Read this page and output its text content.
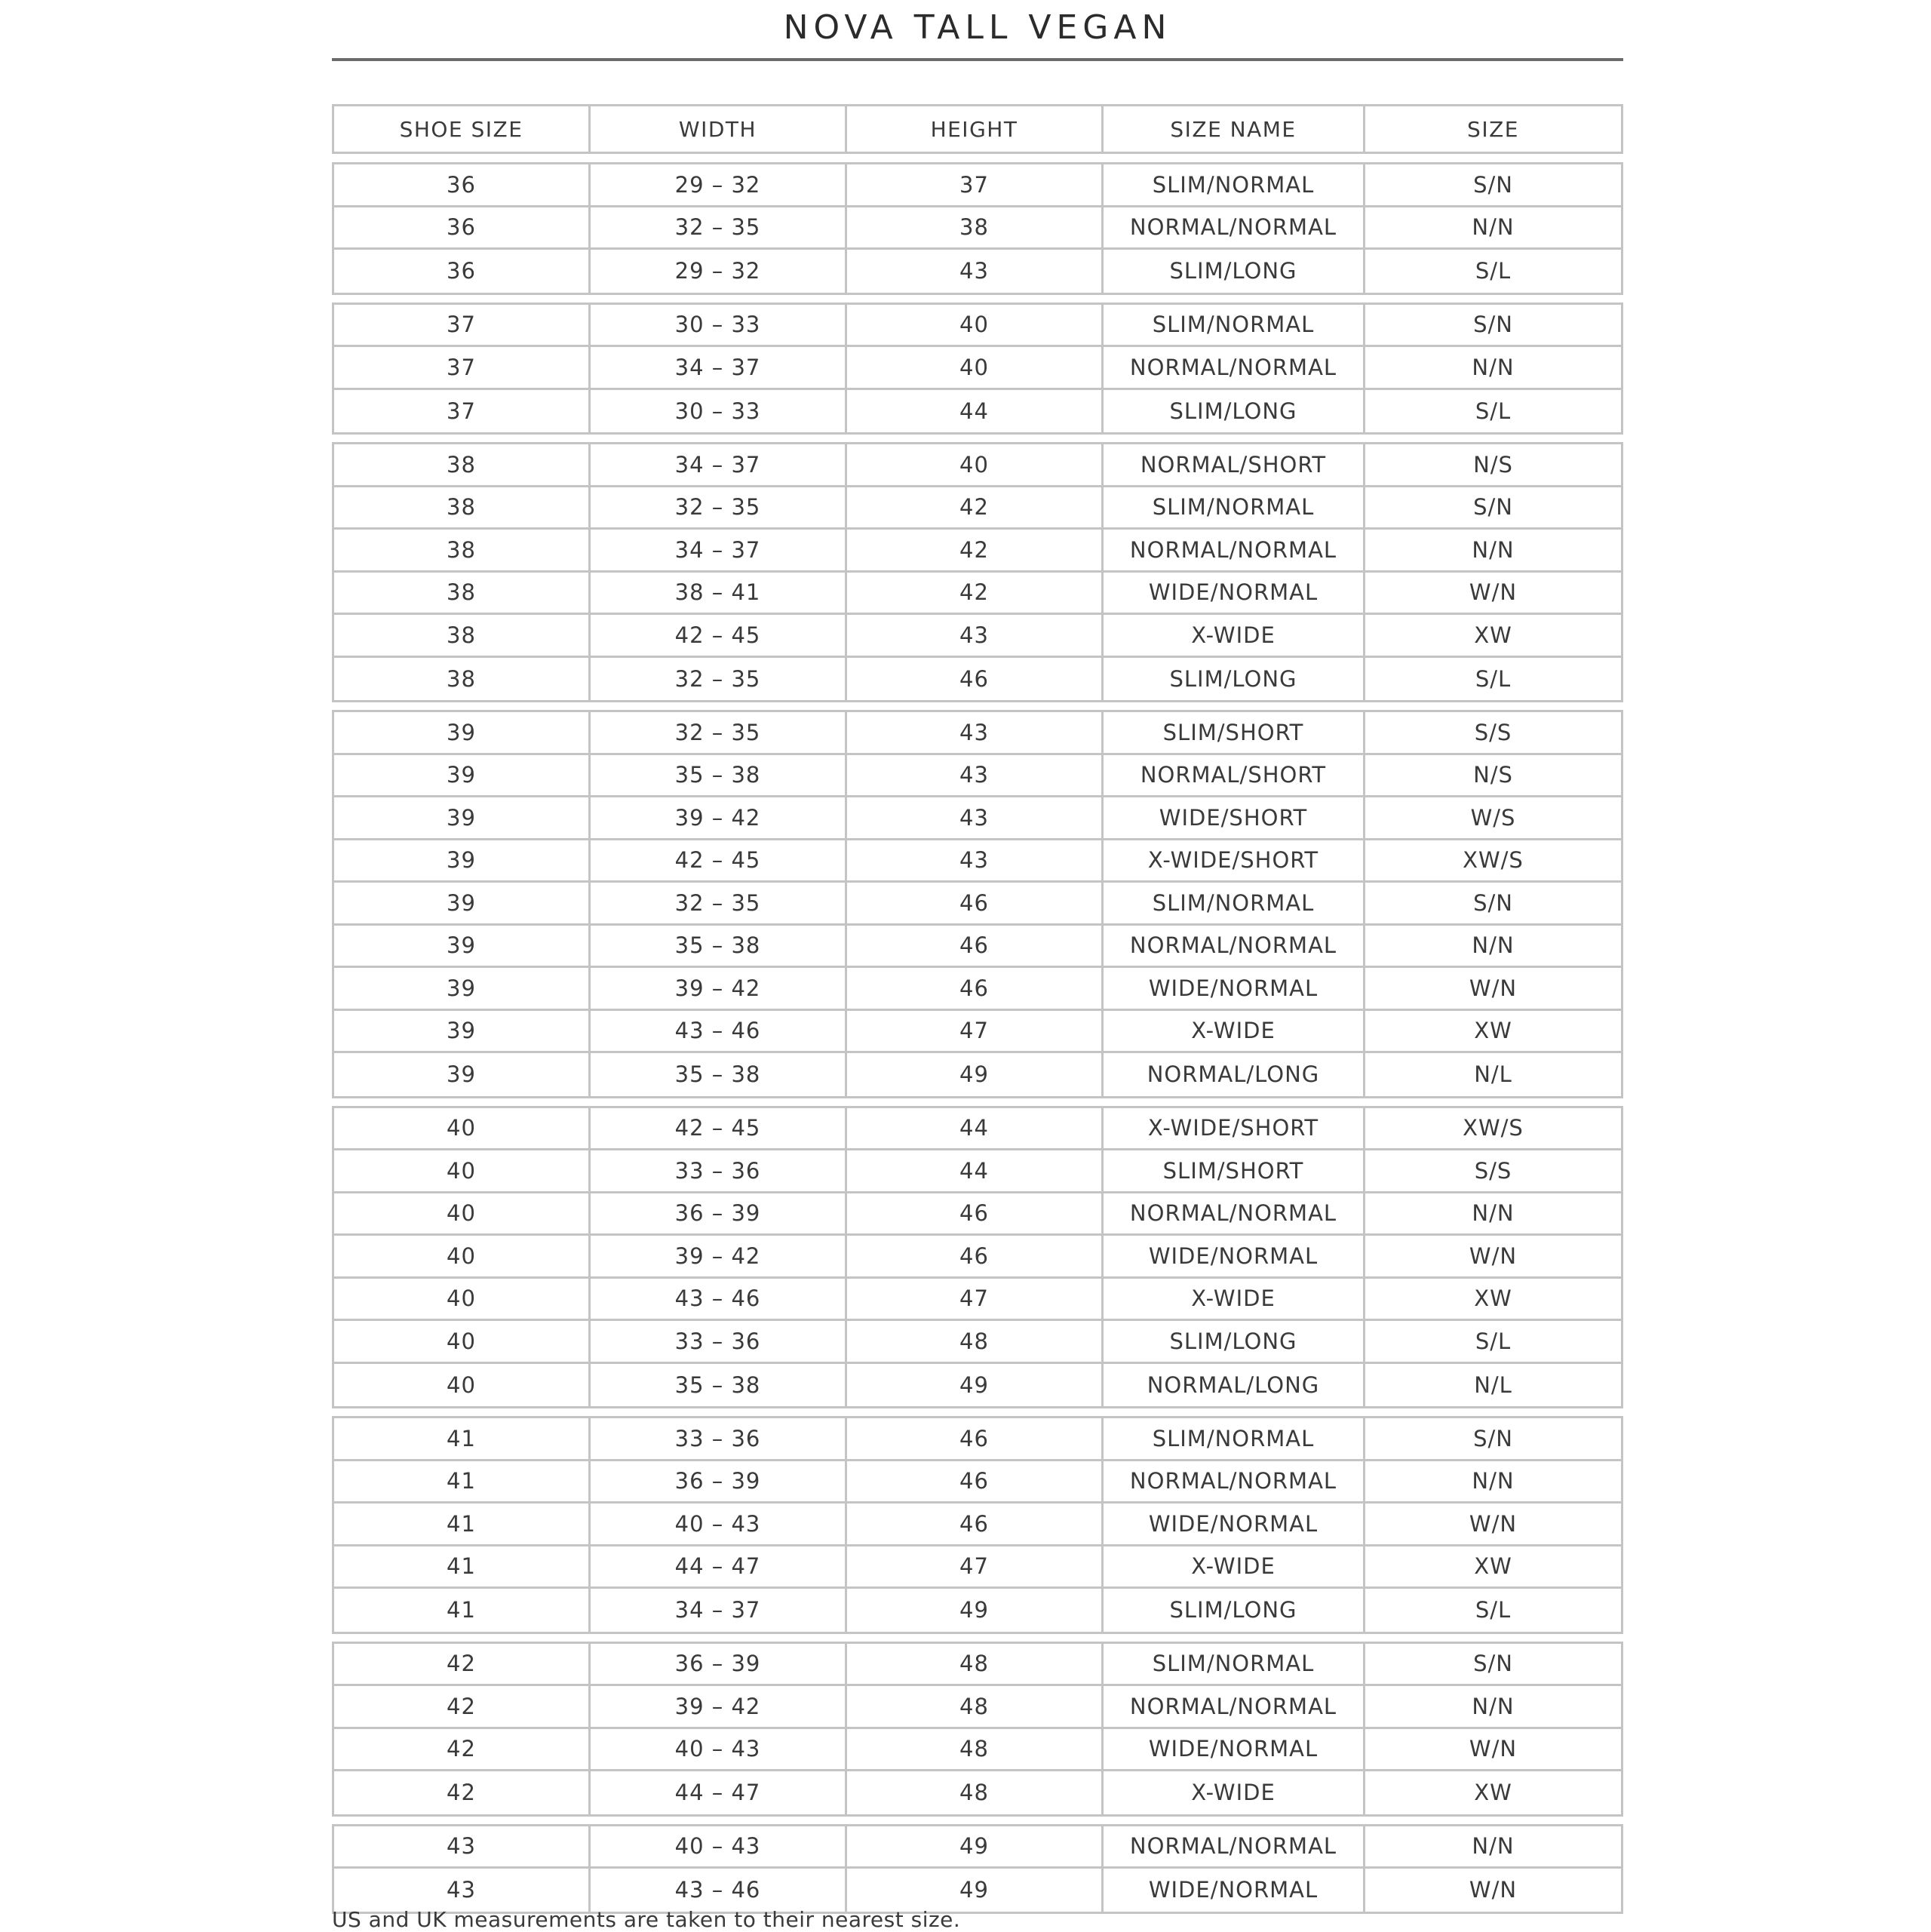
NOVA TALL VEGAN
SHOE SIZE	WIDTH	HEIGHT	SIZE NAME	SIZE
36	29 – 32	37	SLIM/NORMAL	S/N
36	32 – 35	38	NORMAL/NORMAL	N/N
36	29 – 32	43	SLIM/LONG	S/L
37	30 – 33	40	SLIM/NORMAL	S/N
37	34 – 37	40	NORMAL/NORMAL	N/N
37	30 – 33	44	SLIM/LONG	S/L
38	34 – 37	40	NORMAL/SHORT	N/S
38	32 – 35	42	SLIM/NORMAL	S/N
38	34 – 37	42	NORMAL/NORMAL	N/N
38	38 – 41	42	WIDE/NORMAL	W/N
38	42 – 45	43	X-WIDE	XW
38	32 – 35	46	SLIM/LONG	S/L
39	32 – 35	43	SLIM/SHORT	S/S
39	35 – 38	43	NORMAL/SHORT	N/S
39	39 – 42	43	WIDE/SHORT	W/S
39	42 – 45	43	X-WIDE/SHORT	XW/S
39	32 – 35	46	SLIM/NORMAL	S/N
39	35 – 38	46	NORMAL/NORMAL	N/N
39	39 – 42	46	WIDE/NORMAL	W/N
39	43 – 46	47	X-WIDE	XW
39	35 – 38	49	NORMAL/LONG	N/L
40	42 – 45	44	X-WIDE/SHORT	XW/S
40	33 – 36	44	SLIM/SHORT	S/S
40	36 – 39	46	NORMAL/NORMAL	N/N
40	39 – 42	46	WIDE/NORMAL	W/N
40	43 – 46	47	X-WIDE	XW
40	33 – 36	48	SLIM/LONG	S/L
40	35 – 38	49	NORMAL/LONG	N/L
41	33 – 36	46	SLIM/NORMAL	S/N
41	36 – 39	46	NORMAL/NORMAL	N/N
41	40 – 43	46	WIDE/NORMAL	W/N
41	44 – 47	47	X-WIDE	XW
41	34 – 37	49	SLIM/LONG	S/L
42	36 – 39	48	SLIM/NORMAL	S/N
42	39 – 42	48	NORMAL/NORMAL	N/N
42	40 – 43	48	WIDE/NORMAL	W/N
42	44 – 47	48	X-WIDE	XW
43	40 – 43	49	NORMAL/NORMAL	N/N
43	43 – 46	49	WIDE/NORMAL	W/N
US and UK measurements are taken to their nearest size.
